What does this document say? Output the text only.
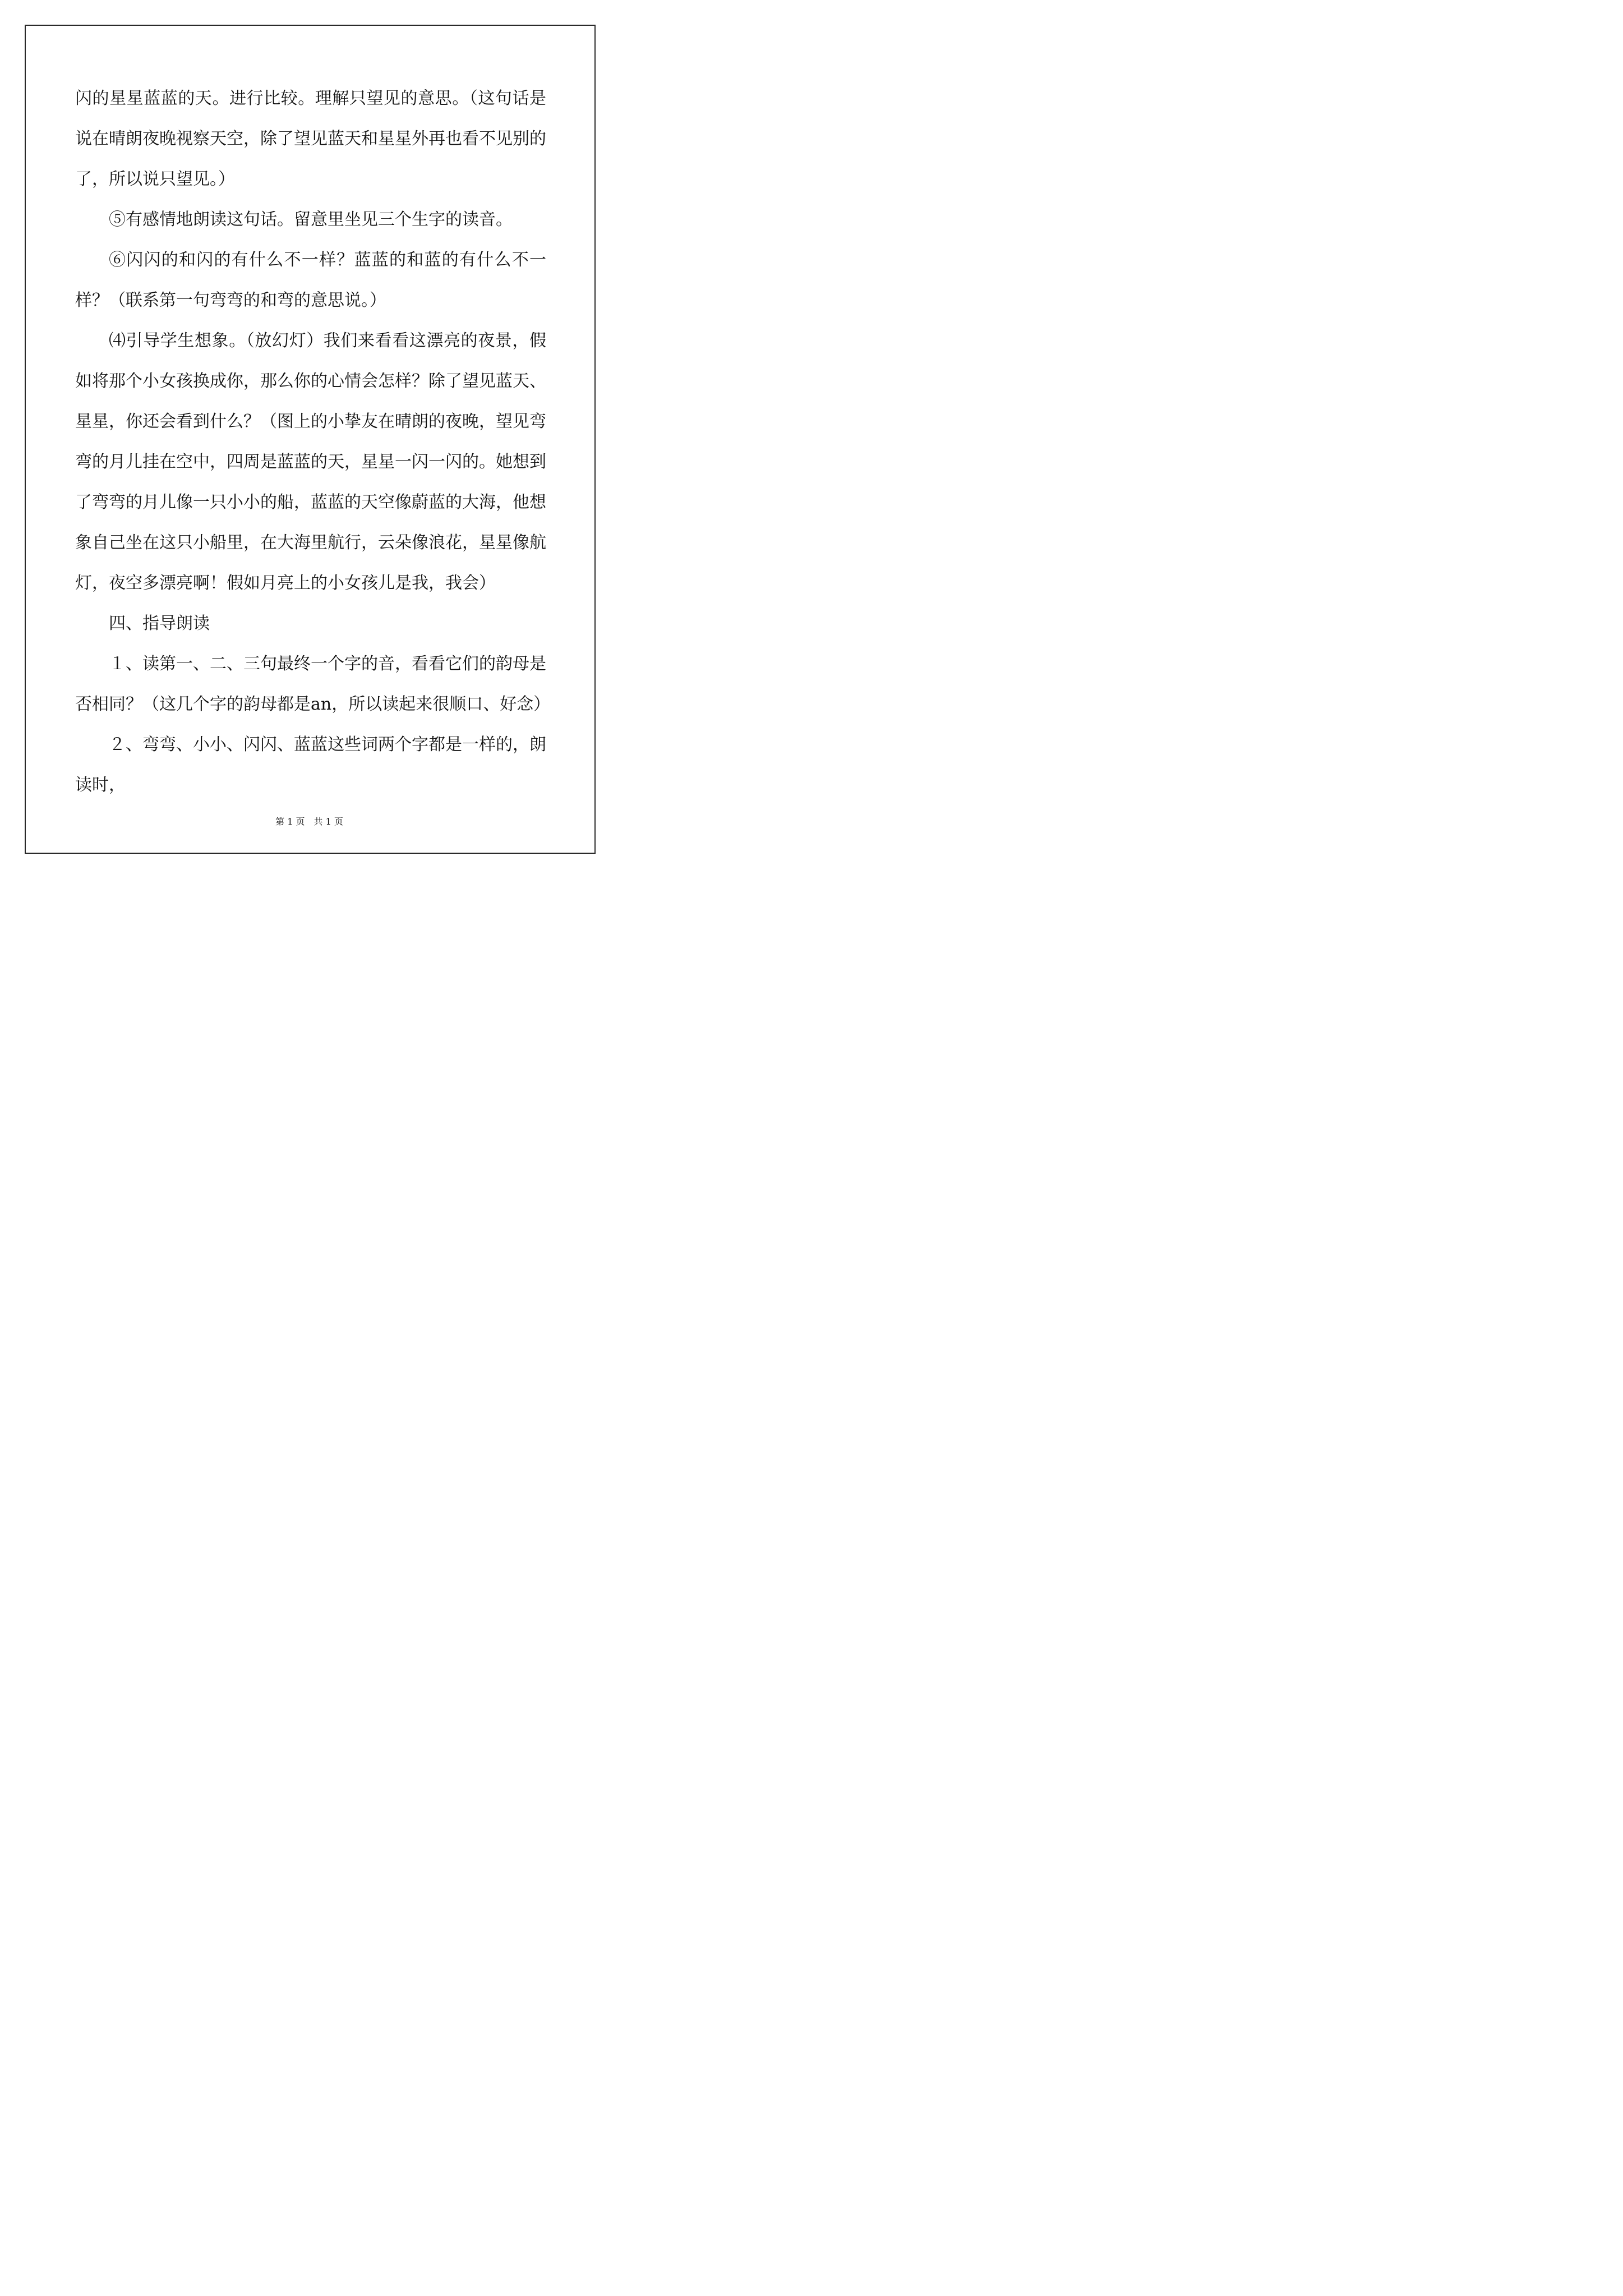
闪的星星蓝蓝的天。进行比较。理解只望见的意思。（这句话是说在晴朗夜晚视察天空，除了望见蓝天和星星外再也看不见别的了，所以说只望见。）

⑤有感情地朗读这句话。留意里坐见三个生字的读音。

⑥闪闪的和闪的有什么不一样？蓝蓝的和蓝的有什么不一样？（联系第一句弯弯的和弯的意思说。）

⑷引导学生想象。（放幻灯）我们来看看这漂亮的夜景，假如将那个小女孩换成你，那么你的心情会怎样？除了望见蓝天、星星，你还会看到什么？（图上的小挚友在晴朗的夜晚，望见弯弯的月儿挂在空中，四周是蓝蓝的天，星星一闪一闪的。她想到了弯弯的月儿像一只小小的船，蓝蓝的天空像蔚蓝的大海，他想象自己坐在这只小船里，在大海里航行，云朵像浪花，星星像航灯，夜空多漂亮啊！假如月亮上的小女孩儿是我，我会）

四、指导朗读

１、读第一、二、三句最终一个字的音，看看它们的韵母是否相同？（这几个字的韵母都是an，所以读起来很顺口、好念）

２、弯弯、小小、闪闪、蓝蓝这些词两个字都是一样的，朗读时，

第 1 页　共 1 页
